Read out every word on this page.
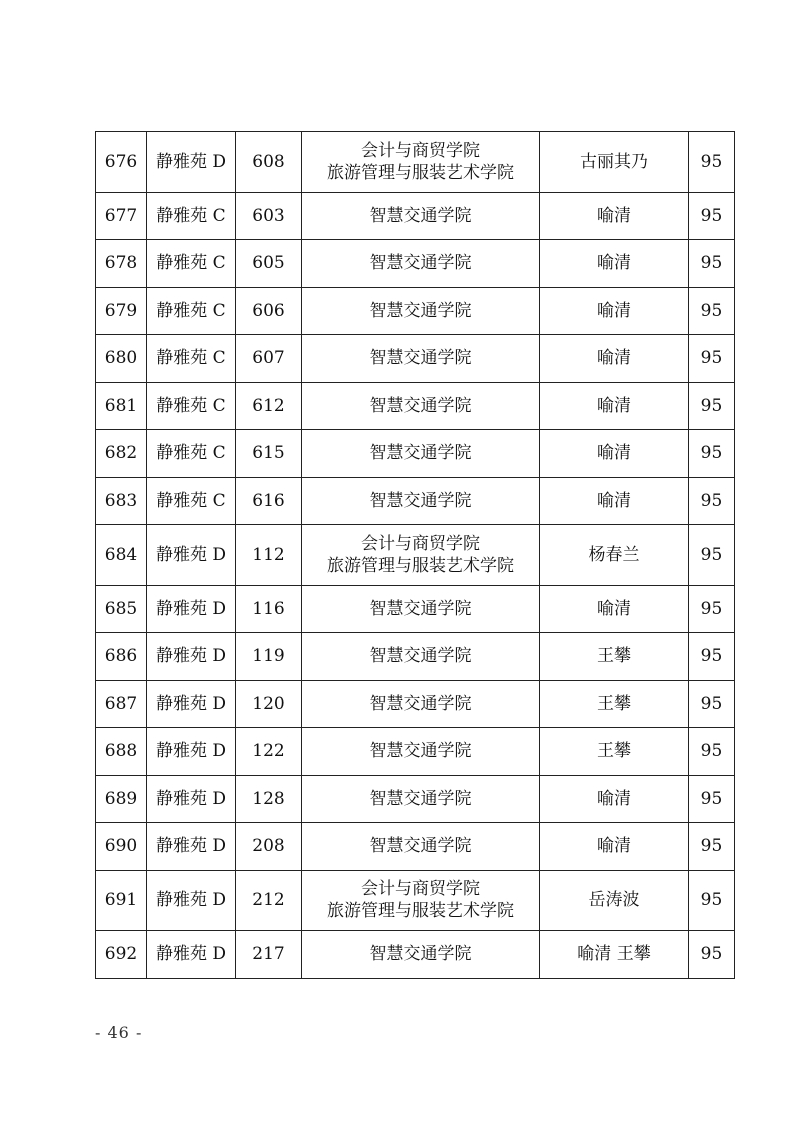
676	静雅苑 D	608	会计与商贸学院
旅游管理与服装艺术学院	古丽其乃	95
677	静雅苑 C	603	智慧交通学院	喻清	95
678	静雅苑 C	605	智慧交通学院	喻清	95
679	静雅苑 C	606	智慧交通学院	喻清	95
680	静雅苑 C	607	智慧交通学院	喻清	95
681	静雅苑 C	612	智慧交通学院	喻清	95
682	静雅苑 C	615	智慧交通学院	喻清	95
683	静雅苑 C	616	智慧交通学院	喻清	95
684	静雅苑 D	112	会计与商贸学院
旅游管理与服装艺术学院	杨春兰	95
685	静雅苑 D	116	智慧交通学院	喻清	95
686	静雅苑 D	119	智慧交通学院	王攀	95
687	静雅苑 D	120	智慧交通学院	王攀	95
688	静雅苑 D	122	智慧交通学院	王攀	95
689	静雅苑 D	128	智慧交通学院	喻清	95
690	静雅苑 D	208	智慧交通学院	喻清	95
691	静雅苑 D	212	会计与商贸学院
旅游管理与服装艺术学院	岳涛波	95
692	静雅苑 D	217	智慧交通学院	喻清 王攀	95
- 46 -
